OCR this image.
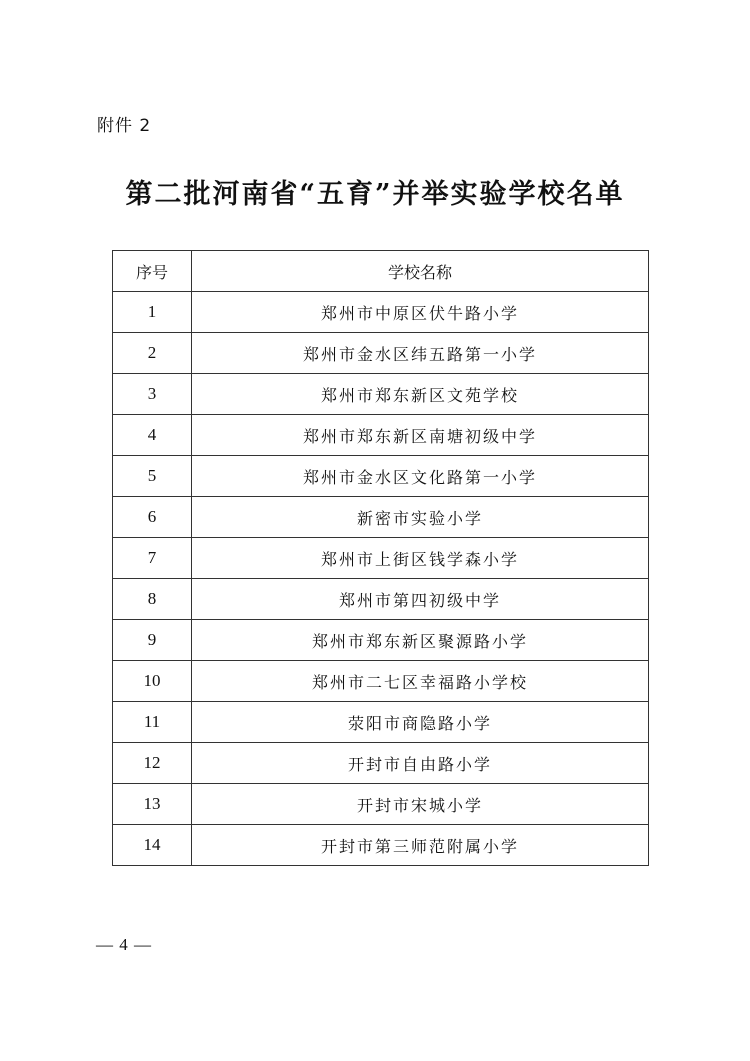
附件 2
第二批河南省“五育”并举实验学校名单
序号	学校名称
1	郑州市中原区伏牛路小学
2	郑州市金水区纬五路第一小学
3	郑州市郑东新区文苑学校
4	郑州市郑东新区南塘初级中学
5	郑州市金水区文化路第一小学
6	新密市实验小学
7	郑州市上街区钱学森小学
8	郑州市第四初级中学
9	郑州市郑东新区聚源路小学
10	郑州市二七区幸福路小学校
11	荥阳市商隐路小学
12	开封市自由路小学
13	开封市宋城小学
14	开封市第三师范附属小学
— 4 —
